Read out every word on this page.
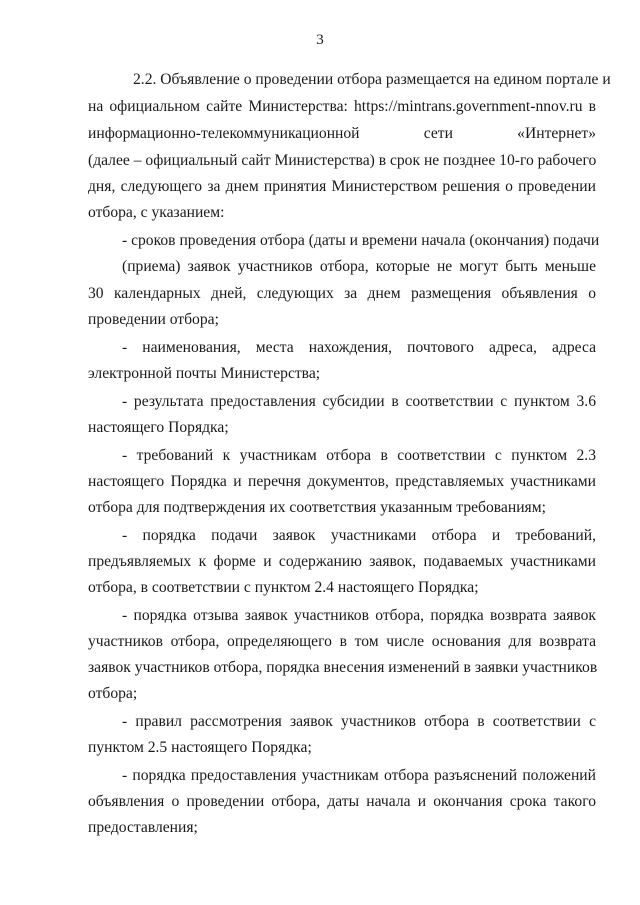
3
2.2. Объявление о проведении отбора размещается на едином портале и
на официальном сайте Министерства: https://mintrans.government-nnov.ru в
информационно-телекоммуникационной сети «Интернет»
(далее – официальный сайт Министерства) в срок не позднее 10-го рабочего
дня, следующего за днем принятия Министерством решения о проведении
отбора, с указанием:
- сроков проведения отбора (даты и времени начала (окончания) подачи
(приема) заявок участников отбора, которые не могут быть меньше
30 календарных дней, следующих за днем размещения объявления о
проведении отбора;
- наименования, места нахождения, почтового адреса, адреса
электронной почты Министерства;
- результата предоставления субсидии в соответствии с пунктом 3.6
настоящего Порядка;
- требований к участникам отбора в соответствии с пунктом 2.3
настоящего Порядка и перечня документов, представляемых участниками
отбора для подтверждения их соответствия указанным требованиям;
- порядка подачи заявок участниками отбора и требований,
предъявляемых к форме и содержанию заявок, подаваемых участниками
отбора, в соответствии с пунктом 2.4 настоящего Порядка;
- порядка отзыва заявок участников отбора, порядка возврата заявок
участников отбора, определяющего в том числе основания для возврата
заявок участников отбора, порядка внесения изменений в заявки участников
отбора;
- правил рассмотрения заявок участников отбора в соответствии с
пунктом 2.5 настоящего Порядка;
- порядка предоставления участникам отбора разъяснений положений
объявления о проведении отбора, даты начала и окончания срока такого
предоставления;
